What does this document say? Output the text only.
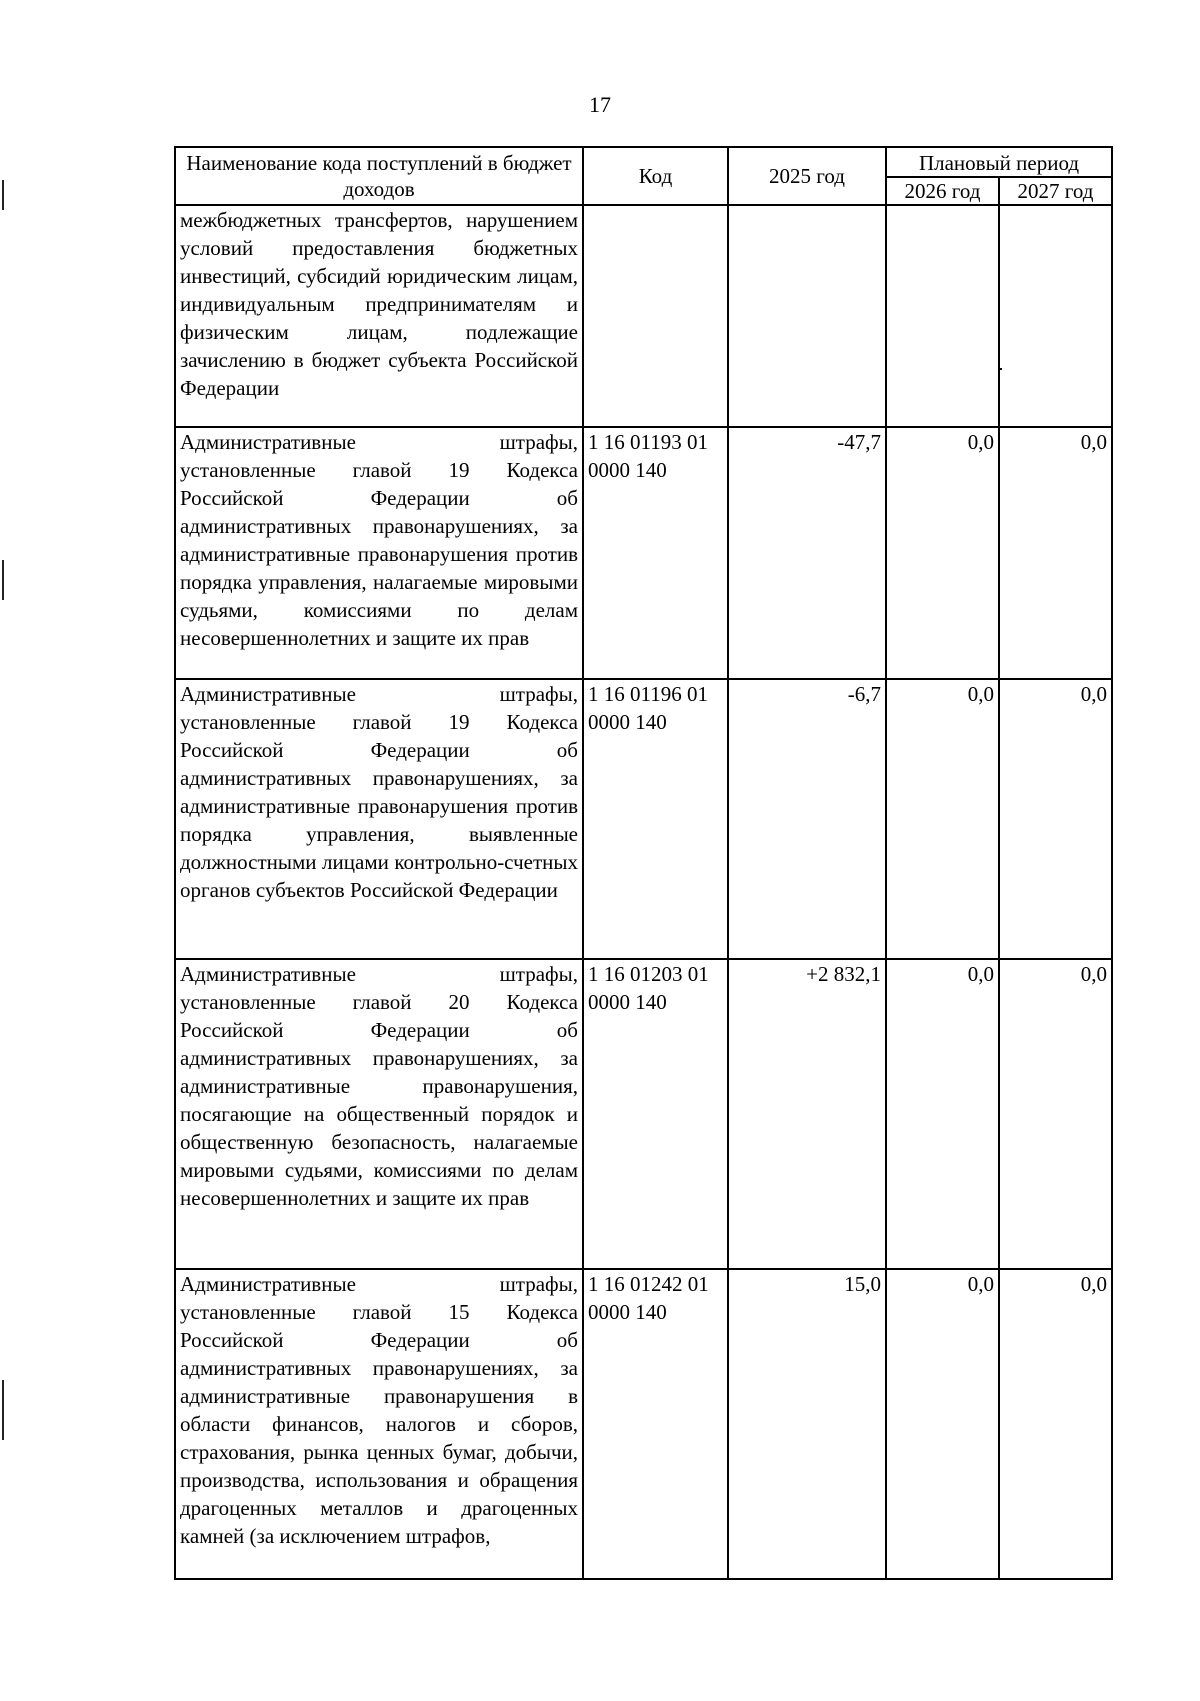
17
Наименование кода поступлений в бюджет доходов	Код	2025 год	Плановый период	
			2026 год	2027 год
межбюджетных трансфертов, нарушением условий предоставления бюджетных инвестиций, субсидий юридическим лицам, индивидуальным предпринимателям и физическим лицам, подлежащие зачислению в бюджет субъекта Российской Федерации				
Административные штрафы, установленные главой 19 Кодекса Российской Федерации об административных правонарушениях, за административные правонарушения против порядка управления, налагаемые мировыми судьями, комиссиями по делам несовершеннолетних и защите их прав	1 16 01193 01 0000 140	-47,7	0,0	0,0
Административные штрафы, установленные главой 19 Кодекса Российской Федерации об административных правонарушениях, за административные правонарушения против порядка управления, выявленные должностными лицами контрольно-счетных органов субъектов Российской Федерации	1 16 01196 01 0000 140	-6,7	0,0	0,0
Административные штрафы, установленные главой 20 Кодекса Российской Федерации об административных правонарушениях, за административные правонарушения, посягающие на общественный порядок и общественную безопасность, налагаемые мировыми судьями, комиссиями по делам несовершеннолетних и защите их прав	1 16 01203 01 0000 140	+2 832,1	0,0	0,0
Административные штрафы, установленные главой 15 Кодекса Российской Федерации об административных правонарушениях, за административные правонарушения в области финансов, налогов и сборов, страхования, рынка ценных бумаг, добычи, производства, использования и обращения драгоценных металлов и драгоценных камней (за исключением штрафов,	1 16 01242 01 0000 140	15,0	0,0	0,0
